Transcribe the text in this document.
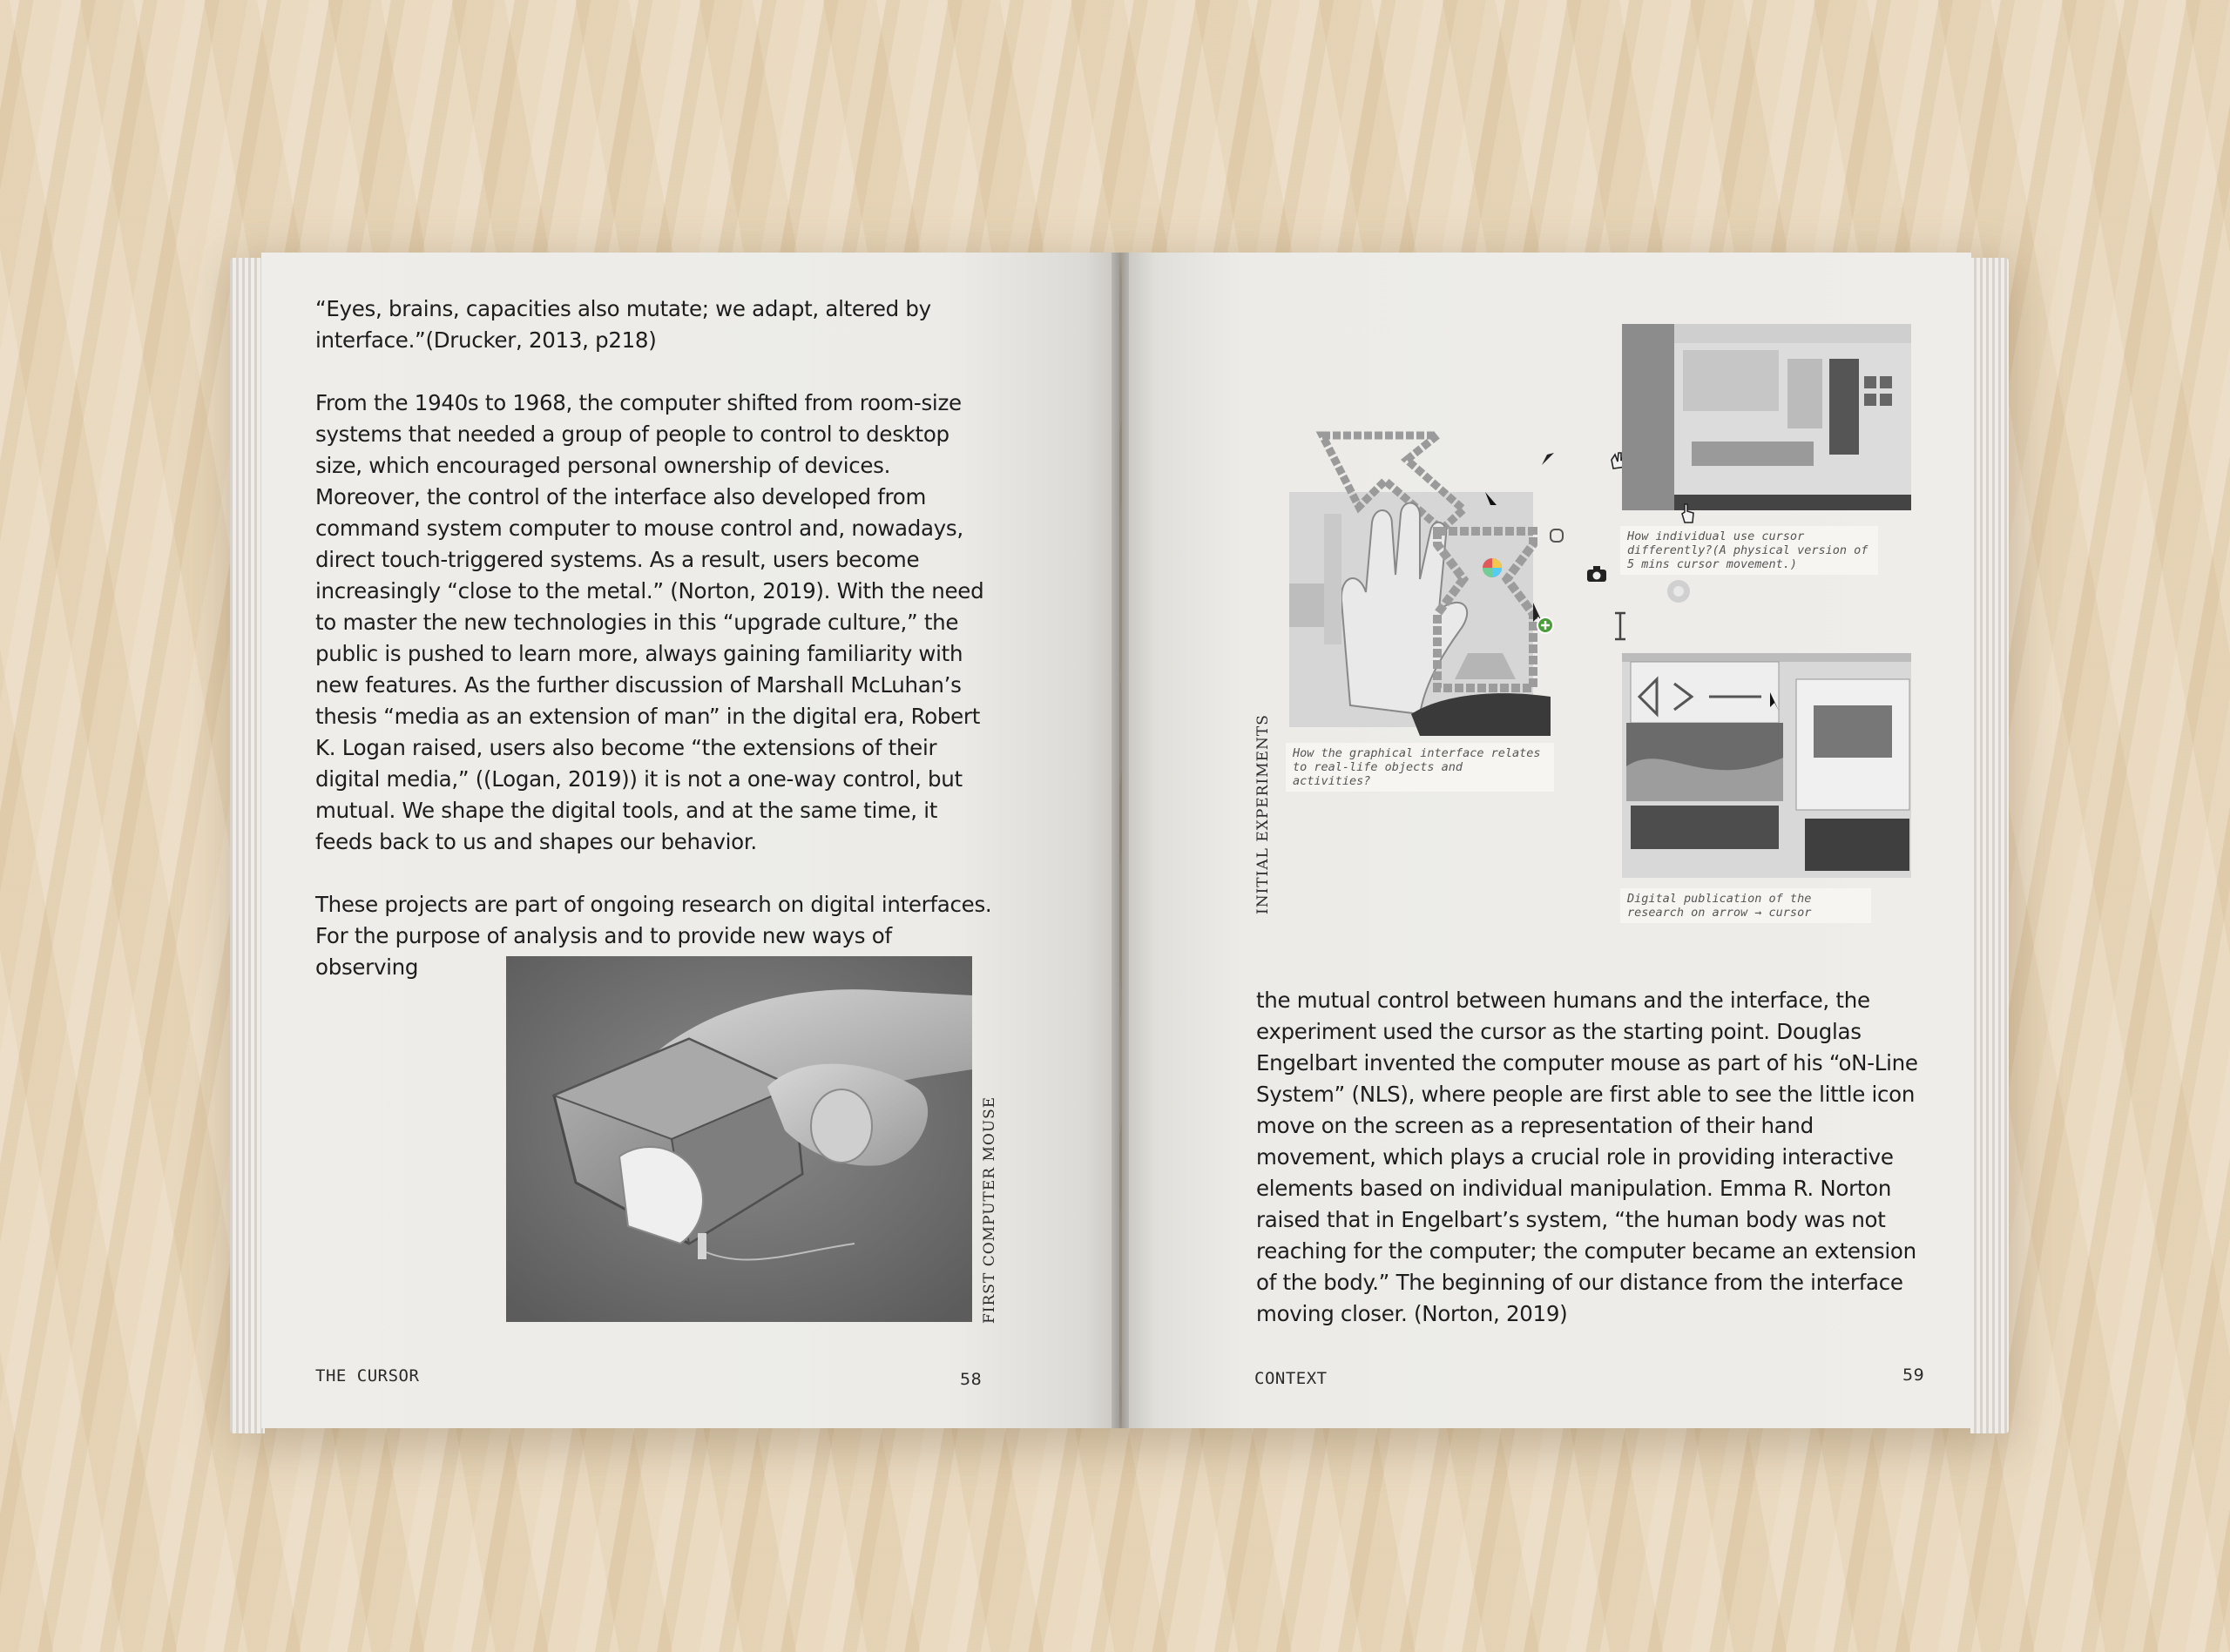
“Eyes, brains, capacities also mutate; we adapt, altered by interface.”(Drucker, 2013, p218)

From the 1940s to 1968, the computer shifted from room-size systems that needed a group of people to control to desktop size, which encouraged personal ownership of devices. Moreover, the control of the interface also developed from command system computer to mouse control and, nowadays, direct touch-triggered systems. As a result, users become increasingly “close to the metal.” (Norton, 2019). With the need to master the new technologies in this “upgrade culture,” the public is pushed to learn more, always gaining familiarity with new features. As the further discussion of Marshall McLuhan’s thesis “media as an extension of man” in the digital era, Robert K. Logan raised, users also become “the extensions of their digital media,” ((Logan, 2019)) it is not a one-way control, but mutual. We shape the digital tools, and at the same time, it feeds back to us and shapes our behavior.

These projects are part of ongoing research on digital interfaces. For the purpose of analysis and to provide new ways of observing

FIRST COMPUTER MOUSE
THE CURSOR	58
INITIAL EXPERIMENTS	How the graphical interface relates to real-life objects and activities?
How individual use cursor differently?(A physical version of 5 mins cursor movement.)
Digital publication of the research on arrow → cursor

the mutual control between humans and the interface, the experiment used the cursor as the starting point. Douglas Engelbart invented the computer mouse as part of his “oN-Line System” (NLS), where people are first able to see the little icon move on the screen as a representation of their hand movement, which plays a crucial role in providing interactive elements based on individual manipulation. Emma R. Norton raised that in Engelbart’s system, “the human body was not reaching for the computer; the computer became an extension of the body.” The beginning of our distance from the interface moving closer. (Norton, 2019)

CONTEXT	59
